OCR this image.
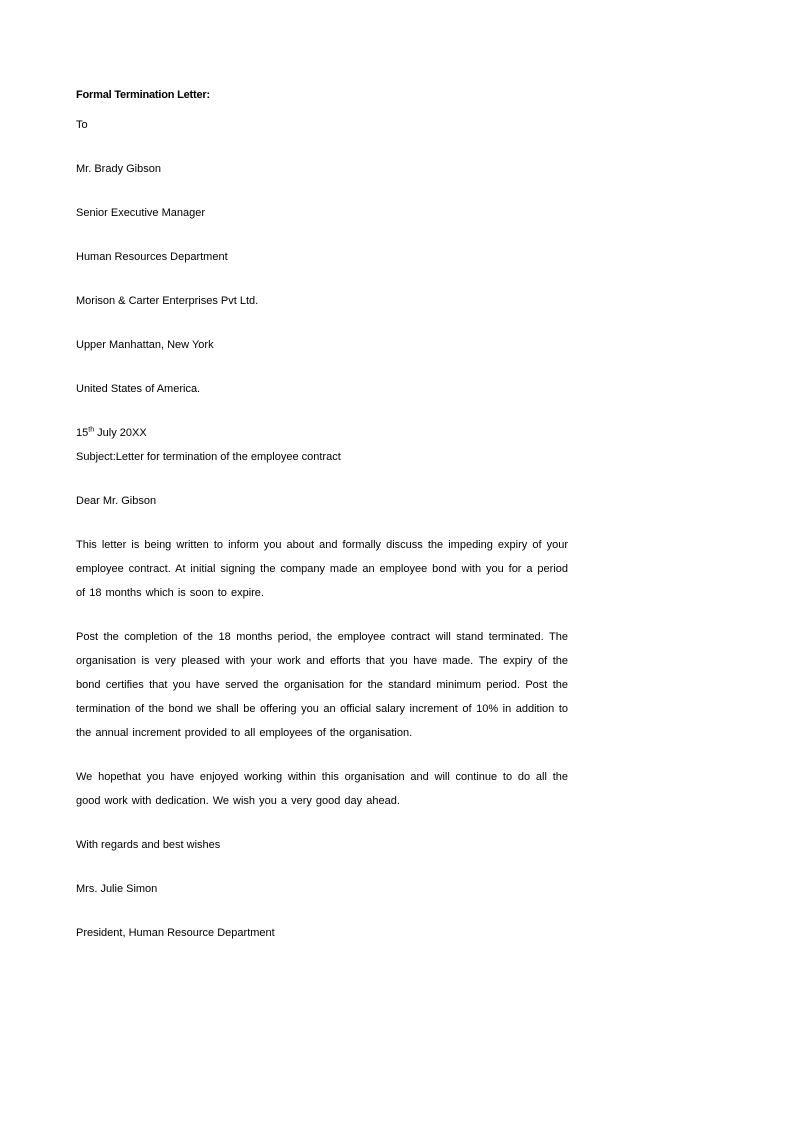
Formal Termination Letter:
To
Mr. Brady Gibson
Senior Executive Manager
Human Resources Department
Morison & Carter Enterprises Pvt Ltd.
Upper Manhattan, New York
United States of America.
15th July 20XX
Subject:Letter for termination of the employee contract
Dear Mr. Gibson
This letter is being written to inform you about and formally discuss the impeding expiry of your employee contract. At initial signing the company made an employee bond with you for a period of 18 months which is soon to expire.
Post the completion of the 18 months period, the employee contract will stand terminated. The organisation is very pleased with your work and efforts that you have made. The expiry of the bond certifies that you have served the organisation for the standard minimum period. Post the termination of the bond we shall be offering you an official salary increment of 10% in addition to the annual increment provided to all employees of the organisation.
We hopethat you have enjoyed working within this organisation and will continue to do all the good work with dedication. We wish you a very good day ahead.
With regards and best wishes
Mrs. Julie Simon
President, Human Resource Department
